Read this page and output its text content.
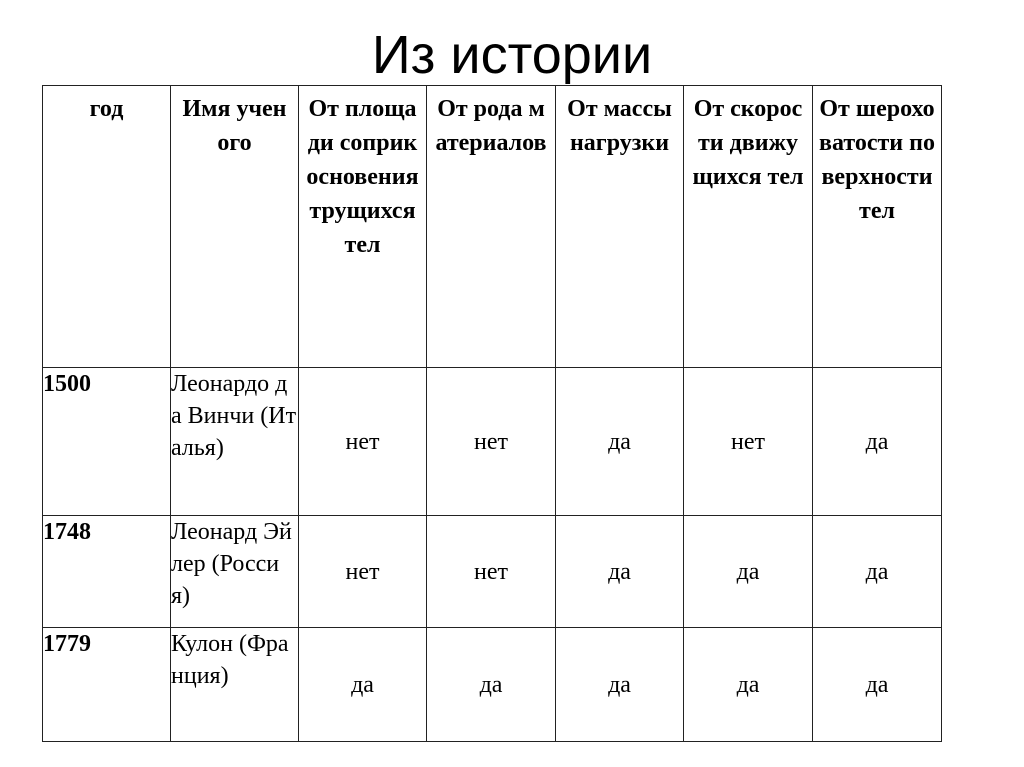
Из истории
год	Имя ученого	От площади соприкосновения трущихся тел	От рода материалов	От массы нагрузки	От скорости движущихся тел	От шероховатости поверхности тел

1500	Леонардо да Винчи (Италья)	нет	нет	да	нет	да
1748	Леонард Эйлер (Россия)	нет	нет	да	да	да
1779	Кулон (Франция)	да	да	да	да	да
